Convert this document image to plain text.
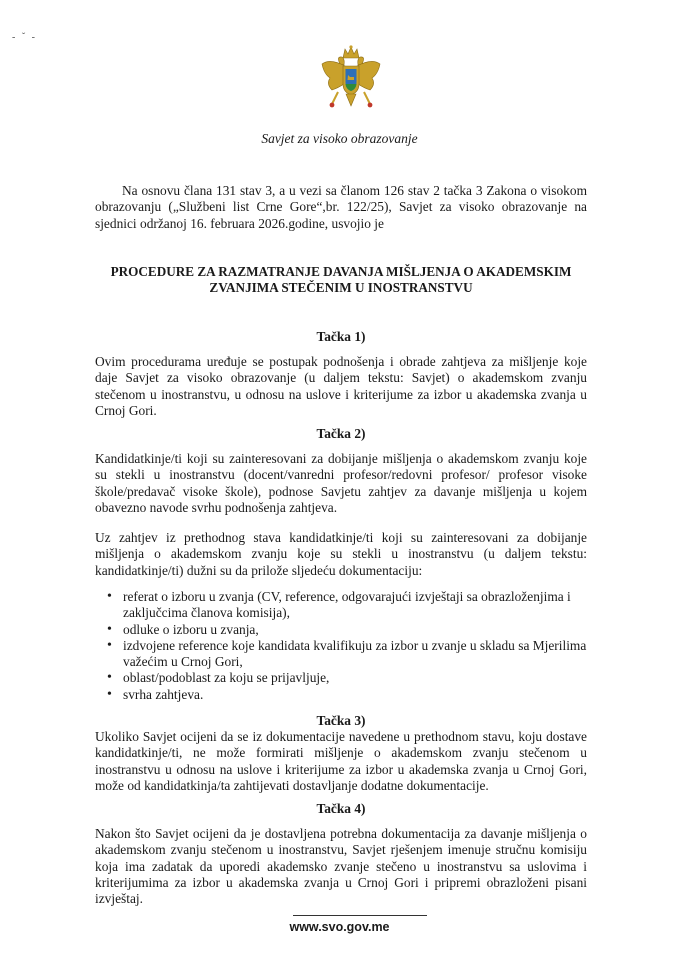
- ˇ -
Savjet za visoko obrazovanje

Na osnovu člana 131 stav 3, a u vezi sa članom 126 stav 2 tačka 3 Zakona o visokom obrazovanju („Službeni list Crne Gore“,br. 122/25), Savjet za visoko obrazovanje na sjednici održanoj 16. februara 2026.godine, usvojio je

PROCEDURE ZA RAZMATRANJE DAVANJA MIŠLJENJA O AKADEMSKIM
ZVANJIMA STEČENIM U INOSTRANSTVU
Tačka 1)

Ovim procedurama uređuje se postupak podnošenja i obrade zahtjeva za mišljenje koje daje Savjet za visoko obrazovanje (u daljem tekstu: Savjet) o akademskom zvanju stečenom u inostranstvu, u odnosu na uslove i kriterijume za izbor u akademska zvanja u Crnoj Gori.

Tačka 2)

Kandidatkinje/ti koji su zainteresovani za dobijanje mišljenja o akademskom zvanju koje su stekli u inostranstvu (docent/vanredni profesor/redovni profesor/ profesor visoke škole/predavač visoke škole), podnose Savjetu zahtjev za davanje mišljenja u kojem obavezno navode svrhu podnošenja zahtjeva.

Uz zahtjev iz prethodnog stava kandidatkinje/ti koji su zainteresovani za dobijanje mišljenja o akademskom zvanju koje su stekli u inostranstvu (u daljem tekstu: kandidatkinje/ti) dužni su da prilože sljedeću dokumentaciju:

• referat o izboru u zvanja (CV, reference, odgovarajući izvještaji sa obrazloženjima i zaključcima članova komisija),
• odluke o izboru u zvanja,
• izdvojene reference koje kandidata kvalifikuju za izbor u zvanje u skladu sa Mjerilima važećim u Crnoj Gori,
• oblast/podoblast za koju se prijavljuje,
• svrha zahtjeva.
Tačka 3)

Ukoliko Savjet ocijeni da se iz dokumentacije navedene u prethodnom stavu, koju dostave kandidatkinje/ti, ne može formirati mišljenje o akademskom zvanju stečenom u inostranstvu u odnosu na uslove i kriterijume za izbor u akademska zvanja u Crnoj Gori, može od kandidatkinja/ta zahtijevati dostavljanje dodatne dokumentacije.

Tačka 4)

Nakon što Savjet ocijeni da je dostavljena potrebna dokumentacija za davanje mišljenja o akademskom zvanju stečenom u inostranstvu, Savjet rješenjem imenuje stručnu komisiju koja ima zadatak da uporedi akademsko zvanje stečeno u inostranstvu sa uslovima i kriterijumima za izbor u akademska zvanja u Crnoj Gori i pripremi obrazloženi pisani izvještaj.

www.svo.gov.me
